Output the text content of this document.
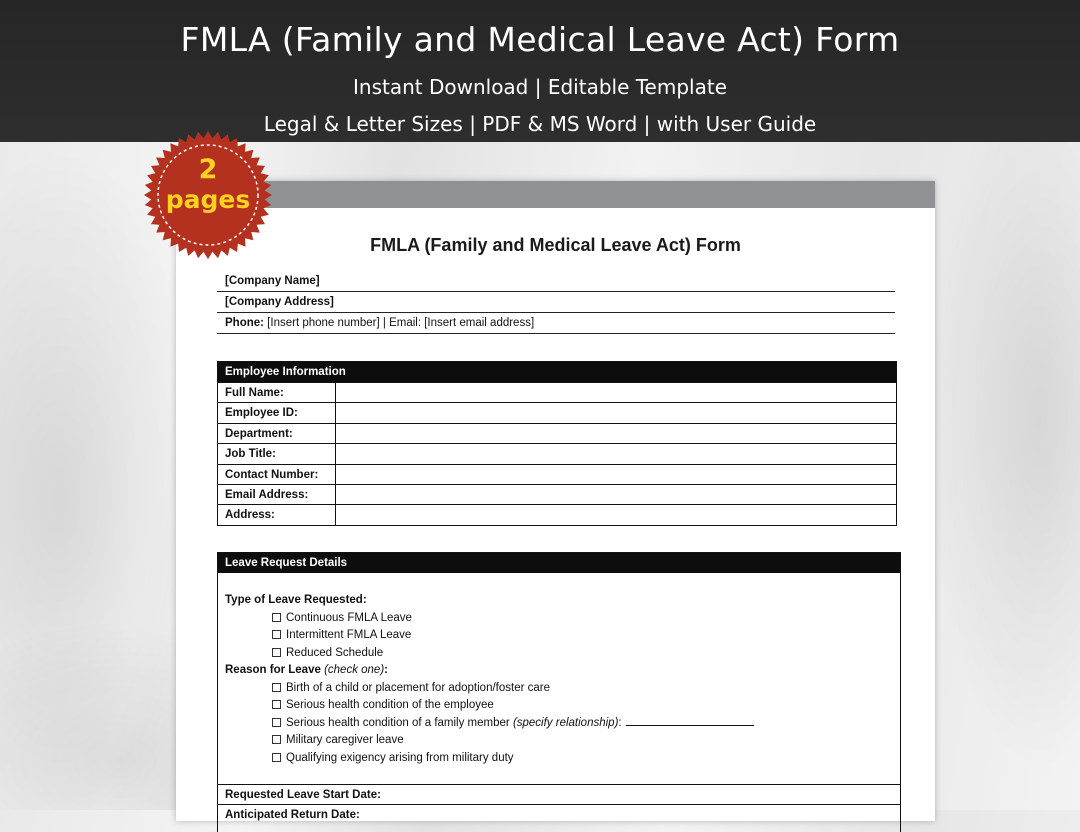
FMLA (Family and Medical Leave Act) Form
Instant Download | Editable Template
Legal & Letter Sizes | PDF & MS Word | with User Guide
FMLA (Family and Medical Leave Act) Form
[Company Name]
[Company Address]
Phone: [Insert phone number] | Email: [Insert email address]
Employee Information
Full Name:
Employee ID:
Department:
Job Title:
Contact Number:
Email Address:
Address:
Leave Request Details
Type of Leave Requested:
Continuous FMLA Leave
Intermittent FMLA Leave
Reduced Schedule
Reason for Leave (check one):
Birth of a child or placement for adoption/foster care
Serious health condition of the employee
Serious health condition of a family member (specify relationship):
Military caregiver leave
Qualifying exigency arising from military duty
Requested Leave Start Date:
Anticipated Return Date:
2
pages
